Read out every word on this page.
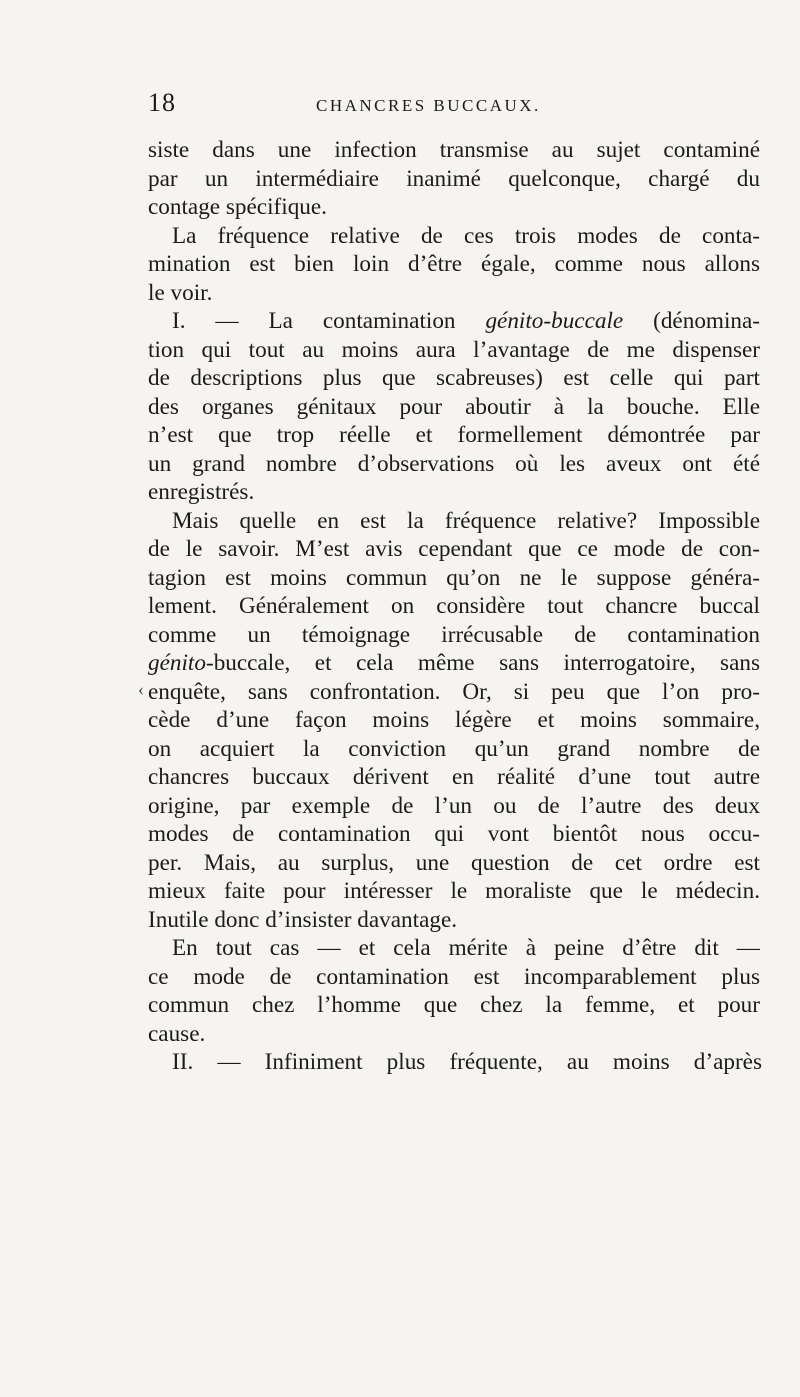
18	CHANCRES BUCCAUX.
‹
siste dans une infection transmise au sujet contaminé
par un intermédiaire inanimé quelconque, chargé du
contage spécifique.
La fréquence relative de ces trois modes de conta-
mination est bien loin d’être égale, comme nous allons
le voir.
I. — La contamination génito-buccale (dénomina-
tion qui tout au moins aura l’avantage de me dispenser
de descriptions plus que scabreuses) est celle qui part
des organes génitaux pour aboutir à la bouche. Elle
n’est que trop réelle et formellement démontrée par
un grand nombre d’observations où les aveux ont été
enregistrés.
Mais quelle en est la fréquence relative? Impossible
de le savoir. M’est avis cependant que ce mode de con-
tagion est moins commun qu’on ne le suppose généra-
lement. Généralement on considère tout chancre buccal
comme un témoignage irrécusable de contamination
génito-buccale, et cela même sans interrogatoire, sans
enquête, sans confrontation. Or, si peu que l’on pro-
cède d’une façon moins légère et moins sommaire,
on acquiert la conviction qu’un grand nombre de
chancres buccaux dérivent en réalité d’une tout autre
origine, par exemple de l’un ou de l’autre des deux
modes de contamination qui vont bientôt nous occu-
per. Mais, au surplus, une question de cet ordre est
mieux faite pour intéresser le moraliste que le médecin.
Inutile donc d’insister davantage.
En tout cas — et cela mérite à peine d’être dit —
ce mode de contamination est incomparablement plus
commun chez l’homme que chez la femme, et pour
cause.
II. — Infiniment plus fréquente, au moins d’après
